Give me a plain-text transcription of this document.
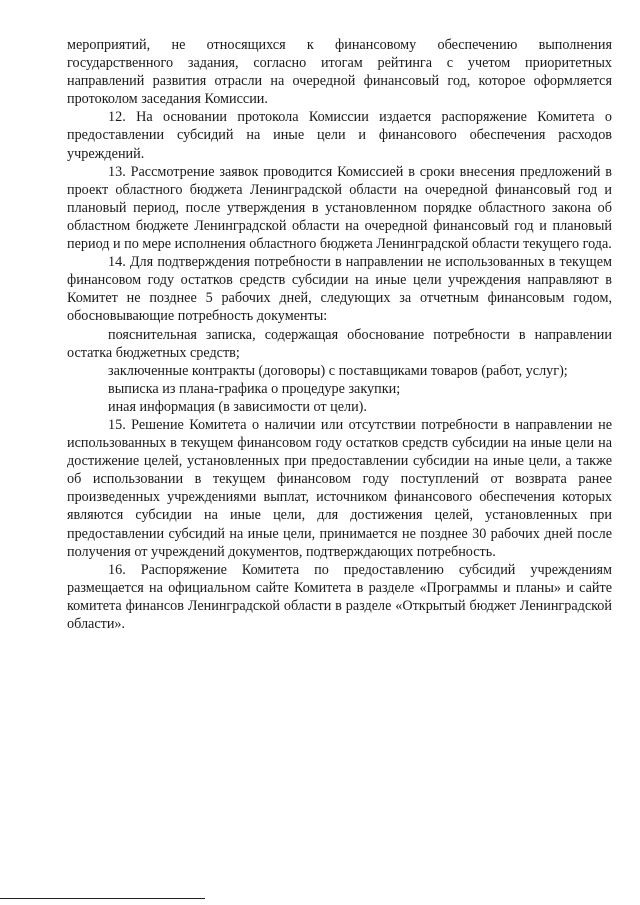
мероприятий, не относящихся к финансовому обеспечению выполнения государственного задания, согласно итогам рейтинга с учетом приоритетных направлений развития отрасли на очередной финансовый год, которое оформляется протоколом заседания Комиссии.

12. На основании протокола Комиссии издается распоряжение Комитета о предоставлении субсидий на иные цели и финансового обеспечения расходов учреждений.

13. Рассмотрение заявок проводится Комиссией в сроки внесения предложений в проект областного бюджета Ленинградской области на очередной финансовый год и плановый период, после утверждения в установленном порядке областного закона об областном бюджете Ленинградской области на очередной финансовый год и плановый период и по мере исполнения областного бюджета Ленинградской области текущего года.

14. Для подтверждения потребности в направлении не использованных в текущем финансовом году остатков средств субсидии на иные цели учреждения направляют в Комитет не позднее 5 рабочих дней, следующих за отчетным финансовым годом, обосновывающие потребность документы:

пояснительная записка, содержащая обоснование потребности в направлении остатка бюджетных средств;

заключенные контракты (договоры) с поставщиками товаров (работ, услуг);

выписка из плана-графика о процедуре закупки;

иная информация (в зависимости от цели).

15. Решение Комитета о наличии или отсутствии потребности в направлении не использованных в текущем финансовом году остатков средств субсидии на иные цели на достижение целей, установленных при предоставлении субсидии на иные цели, а также об использовании в текущем финансовом году поступлений от возврата ранее произведенных учреждениями выплат, источником финансового обеспечения которых являются субсидии на иные цели, для достижения целей, установленных при предоставлении субсидий на иные цели, принимается не позднее 30 рабочих дней после получения от учреждений документов, подтверждающих потребность.

16. Распоряжение Комитета по предоставлению субсидий учреждениям размещается на официальном сайте Комитета в разделе «Программы и планы» и сайте комитета финансов Ленинградской области в разделе «Открытый бюджет Ленинградской области».
